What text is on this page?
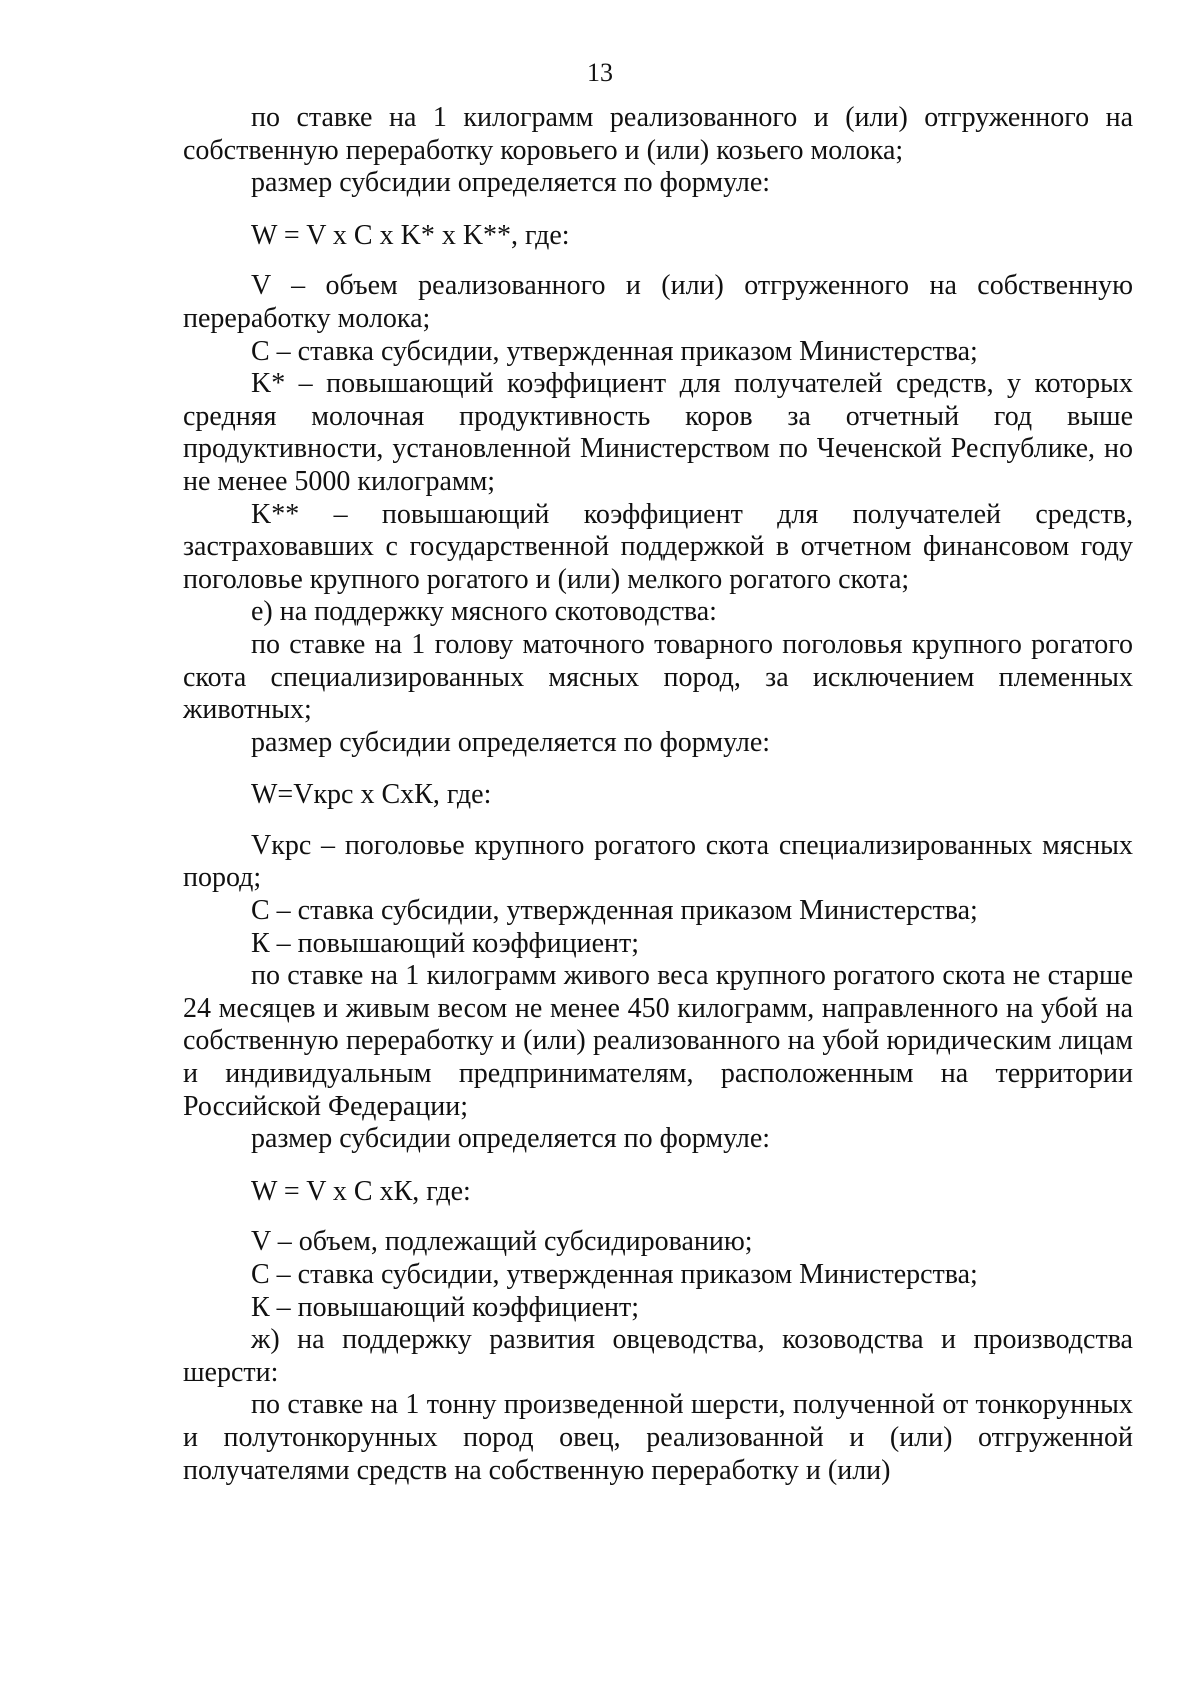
13

по ставке на 1 килограмм реализованного и (или) отгруженного на собственную переработку коровьего и (или) козьего молока;

размер субсидии определяется по формуле:

W = V х С х K* х K**, где:

V – объем реализованного и (или) отгруженного на собственную переработку молока;

С – ставка субсидии, утвержденная приказом Министерства;

K* – повышающий коэффициент для получателей средств, у которых средняя молочная продуктивность коров за отчетный год выше продуктивности, установленной Министерством по Чеченской Республике, но не менее 5000 килограмм;

K** – повышающий коэффициент для получателей средств, застраховавших с государственной поддержкой в отчетном финансовом году поголовье крупного рогатого и (или) мелкого рогатого скота;

е) на поддержку мясного скотоводства:

по ставке на 1 голову маточного товарного поголовья крупного рогатого скота специализированных мясных пород, за исключением племенных животных;

размер субсидии определяется по формуле:

W=Vкрс х СхК, где:

Vкрс – поголовье крупного рогатого скота специализированных мясных пород;

С – ставка субсидии, утвержденная приказом Министерства;

К – повышающий коэффициент;

по ставке на 1 килограмм живого веса крупного рогатого скота не старше 24 месяцев и живым весом не менее 450 килограмм, направленного на убой на собственную переработку и (или) реализованного на убой юридическим лицам и индивидуальным предпринимателям, расположенным на территории Российской Федерации;

размер субсидии определяется по формуле:

W = V х С хК, где:

V – объем, подлежащий субсидированию;

С – ставка субсидии, утвержденная приказом Министерства;

К – повышающий коэффициент;

ж) на поддержку развития овцеводства, козоводства и производства шерсти:

по ставке на 1 тонну произведенной шерсти, полученной от тонкорунных и полутонкорунных пород овец, реализованной и (или) отгруженной получателями средств на собственную переработку и (или)
